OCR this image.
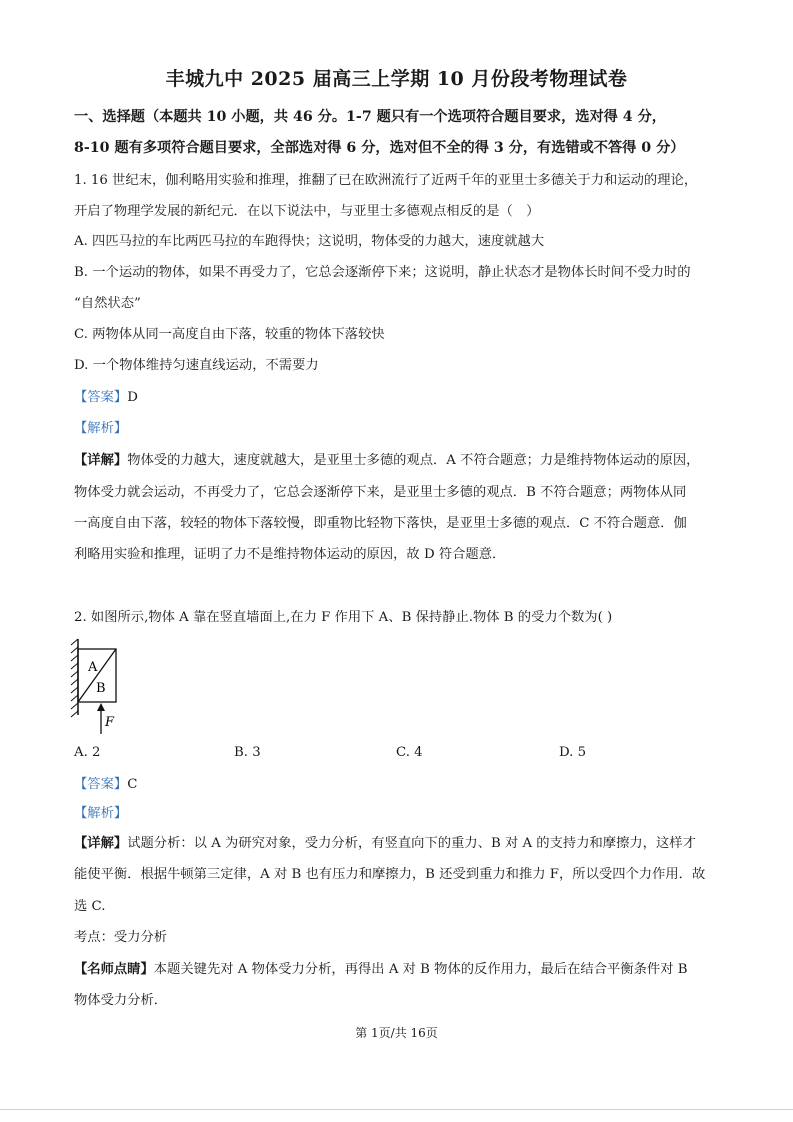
丰城九中 2025 届高三上学期 10 月份段考物理试卷
一、选择题（本题共 10 小题，共 46 分。1-7 题只有一个选项符合题目要求，选对得 4 分，
8-10 题有多项符合题目要求，全部选对得 6 分，选对但不全的得 3 分，有选错或不答得 0 分）
1. 16 世纪末，伽利略用实验和推理，推翻了已在欧洲流行了近两千年的亚里士多德关于力和运动的理论，
开启了物理学发展的新纪元．在以下说法中，与亚里士多德观点相反的是（　）
A. 四匹马拉的车比两匹马拉的车跑得快；这说明，物体受的力越大，速度就越大
B. 一个运动的物体，如果不再受力了，它总会逐渐停下来；这说明，静止状态才是物体长时间不受力时的
“自然状态”
C. 两物体从同一高度自由下落，较重的物体下落较快
D. 一个物体维持匀速直线运动，不需要力
【答案】D
【解析】
【详解】物体受的力越大，速度就越大，是亚里士多德的观点．A 不符合题意；力是维持物体运动的原因，
物体受力就会运动，不再受力了，它总会逐渐停下来，是亚里士多德的观点．B 不符合题意；两物体从同
一高度自由下落，较轻的物体下落较慢，即重物比轻物下落快，是亚里士多德的观点．C 不符合题意．伽
利略用实验和推理，证明了力不是维持物体运动的原因，故 D 符合题意．
2. 如图所示,物体 A 靠在竖直墙面上,在力 F 作用下 A、B 保持静止.物体 B 的受力个数为( )
A
B
F
A. 2	B. 3	C. 4	D. 5
【答案】C
【解析】
【详解】试题分析：以 A 为研究对象，受力分析，有竖直向下的重力、B 对 A 的支持力和摩擦力，这样才
能使平衡．根据牛顿第三定律，A 对 B 也有压力和摩擦力，B 还受到重力和推力 F，所以受四个力作用．故
选 C.
考点：受力分析
【名师点睛】本题关键先对 A 物体受力分析，再得出 A 对 B 物体的反作用力，最后在结合平衡条件对 B
物体受力分析．
第 1页/共 16页
